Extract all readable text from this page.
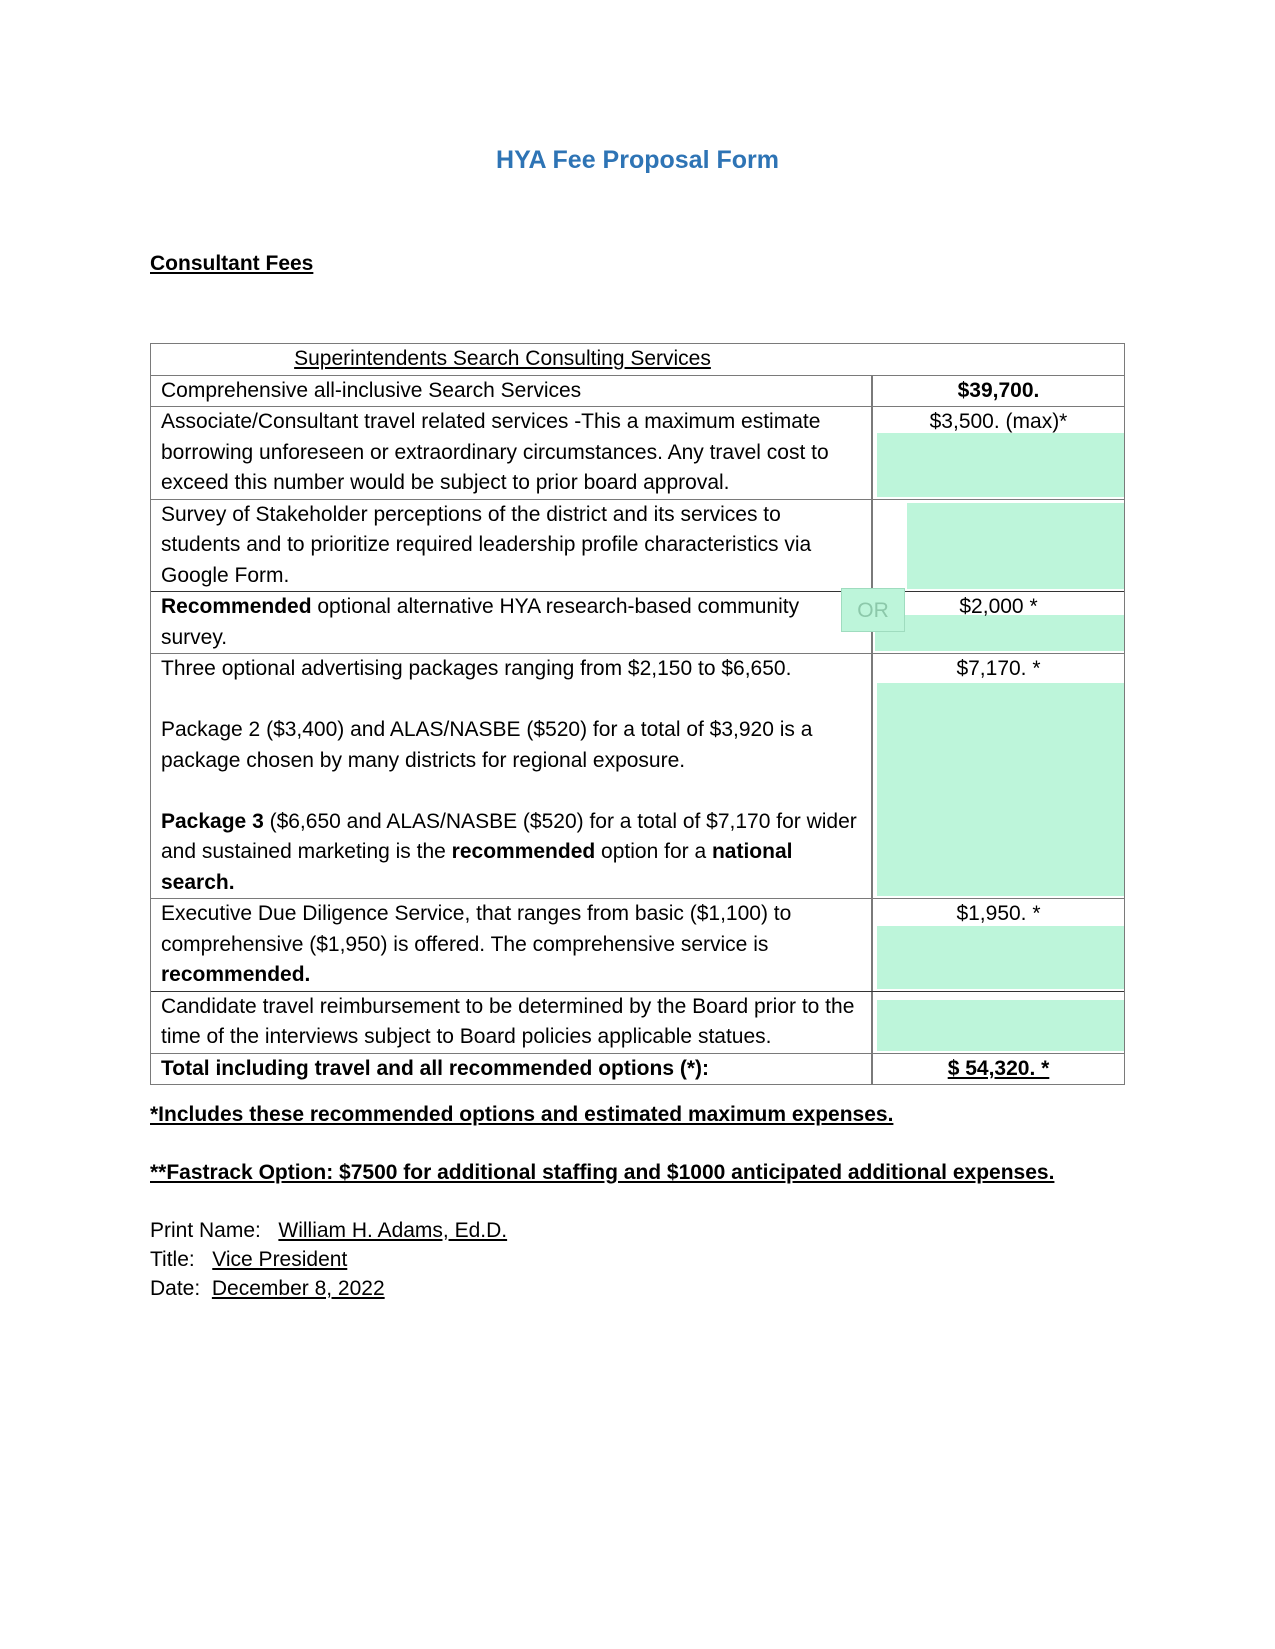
HYA Fee Proposal Form
Consultant Fees
Superintendents Search Consulting Services
Comprehensive all-inclusive Search Services	$39,700.
Associate/Consultant travel related services -This a maximum estimate borrowing unforeseen or extraordinary circumstances. Any travel cost to exceed this number would be subject to prior board approval.
$3,500. (max)*
Survey of Stakeholder perceptions of the district and its services to students and to prioritize required leadership profile characteristics via Google Form.
Recommended optional alternative HYA research-based community survey.
$2,000 *
Three optional advertising packages ranging from $2,150 to $6,650.
Package 2 ($3,400) and ALAS/NASBE ($520) for a total of $3,920 is a package chosen by many districts for regional exposure.
Package 3 ($6,650 and ALAS/NASBE ($520) for a total of $7,170 for wider and sustained marketing is the recommended option for a national search.
$7,170. *
Executive Due Diligence Service, that ranges from basic ($1,100) to comprehensive ($1,950) is offered. The comprehensive service is recommended.
$1,950. *
Candidate travel reimbursement to be determined by the Board prior to the time of the interviews subject to Board policies applicable statues.
Total including travel and all recommended options (*):	$ 54,320. *
OR
*Includes these recommended options and estimated maximum expenses.
**Fastrack Option: $7500 for additional staffing and $1000 anticipated additional expenses.
Print Name: William H. Adams, Ed.D.
Title: Vice President
Date: December 8, 2022
